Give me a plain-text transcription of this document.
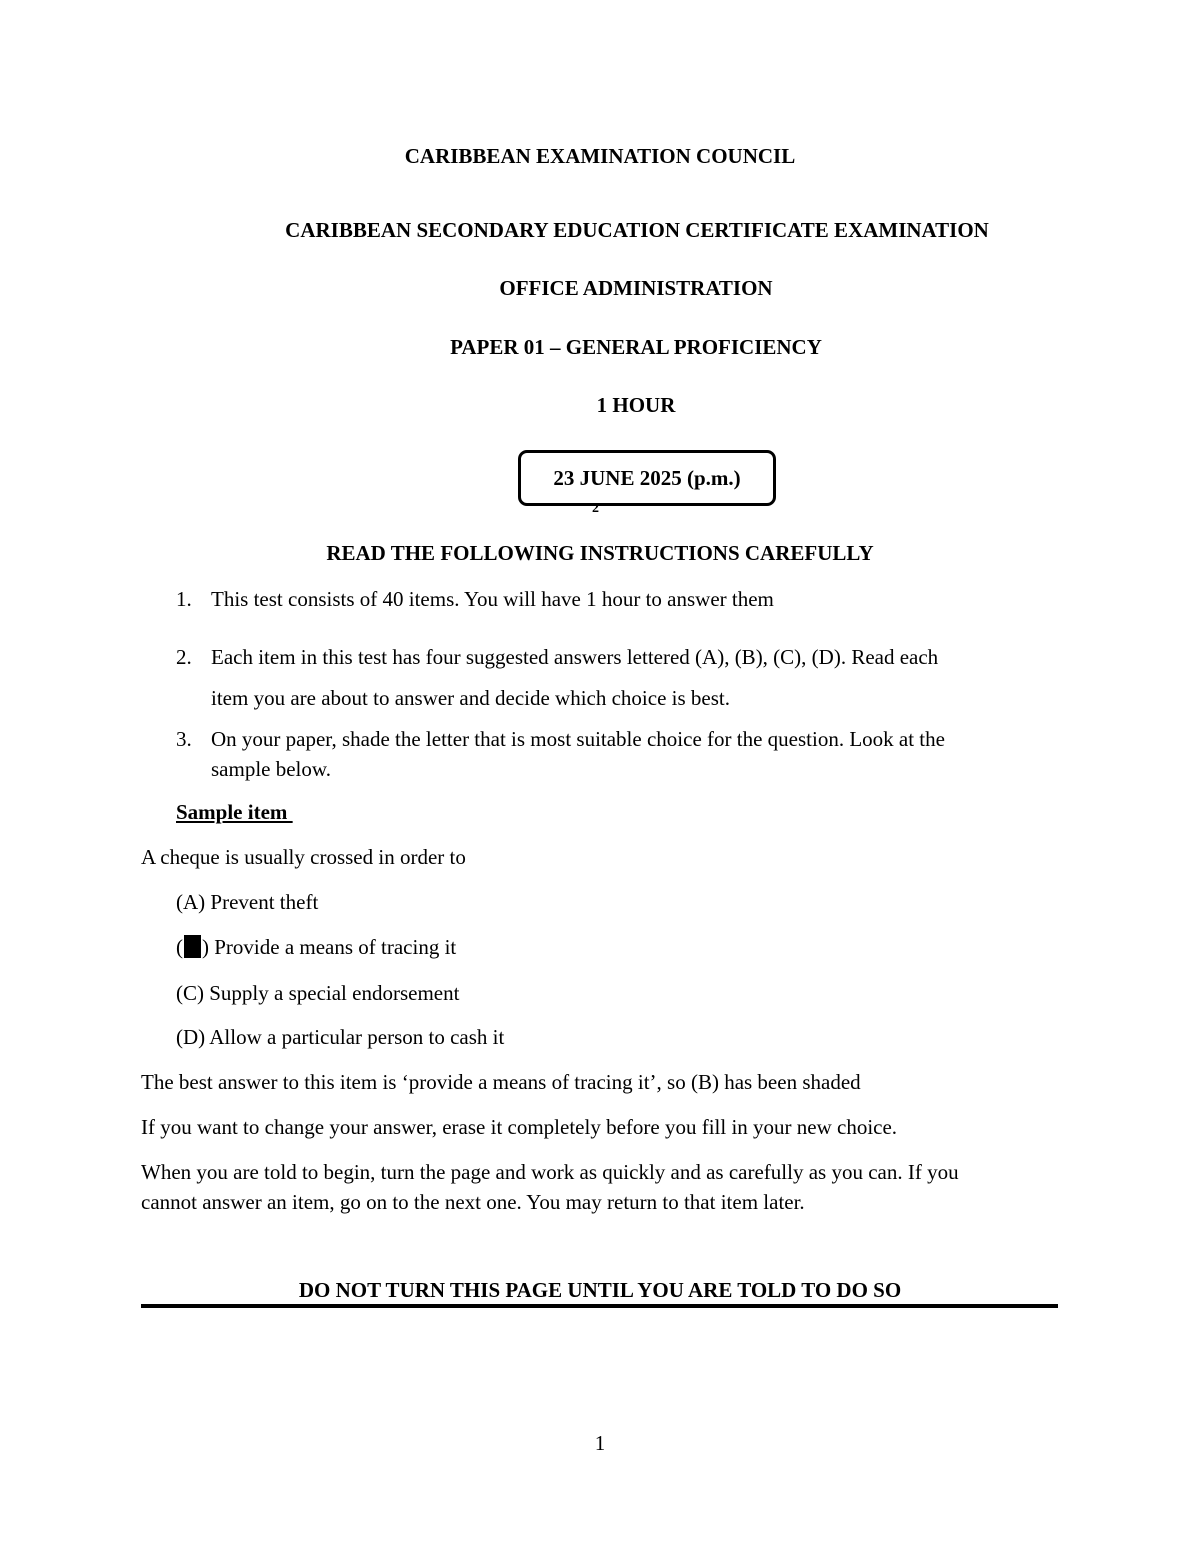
CARIBBEAN EXAMINATION COUNCIL
CARIBBEAN SECONDARY EDUCATION CERTIFICATE EXAMINATION
OFFICE ADMINISTRATION
PAPER 01 – GENERAL PROFICIENCY
1 HOUR
23 JUNE 2025 (p.m.)
2
READ THE FOLLOWING INSTRUCTIONS CAREFULLY
1. This test consists of 40 items. You will have 1 hour to answer them
2. Each item in this test has four suggested answers lettered (A), (B), (C), (D). Read each
item you are about to answer and decide which choice is best.
3. On your paper, shade the letter that is most suitable choice for the question. Look at the
sample below.
Sample item
A cheque is usually crossed in order to
(A) Prevent theft
( ) Provide a means of tracing it
(C) Supply a special endorsement
(D) Allow a particular person to cash it
The best answer to this item is ‘provide a means of tracing it’, so (B) has been shaded
If you want to change your answer, erase it completely before you fill in your new choice.
When you are told to begin, turn the page and work as quickly and as carefully as you can. If you
cannot answer an item, go on to the next one. You may return to that item later.
DO NOT TURN THIS PAGE UNTIL YOU ARE TOLD TO DO SO
1
